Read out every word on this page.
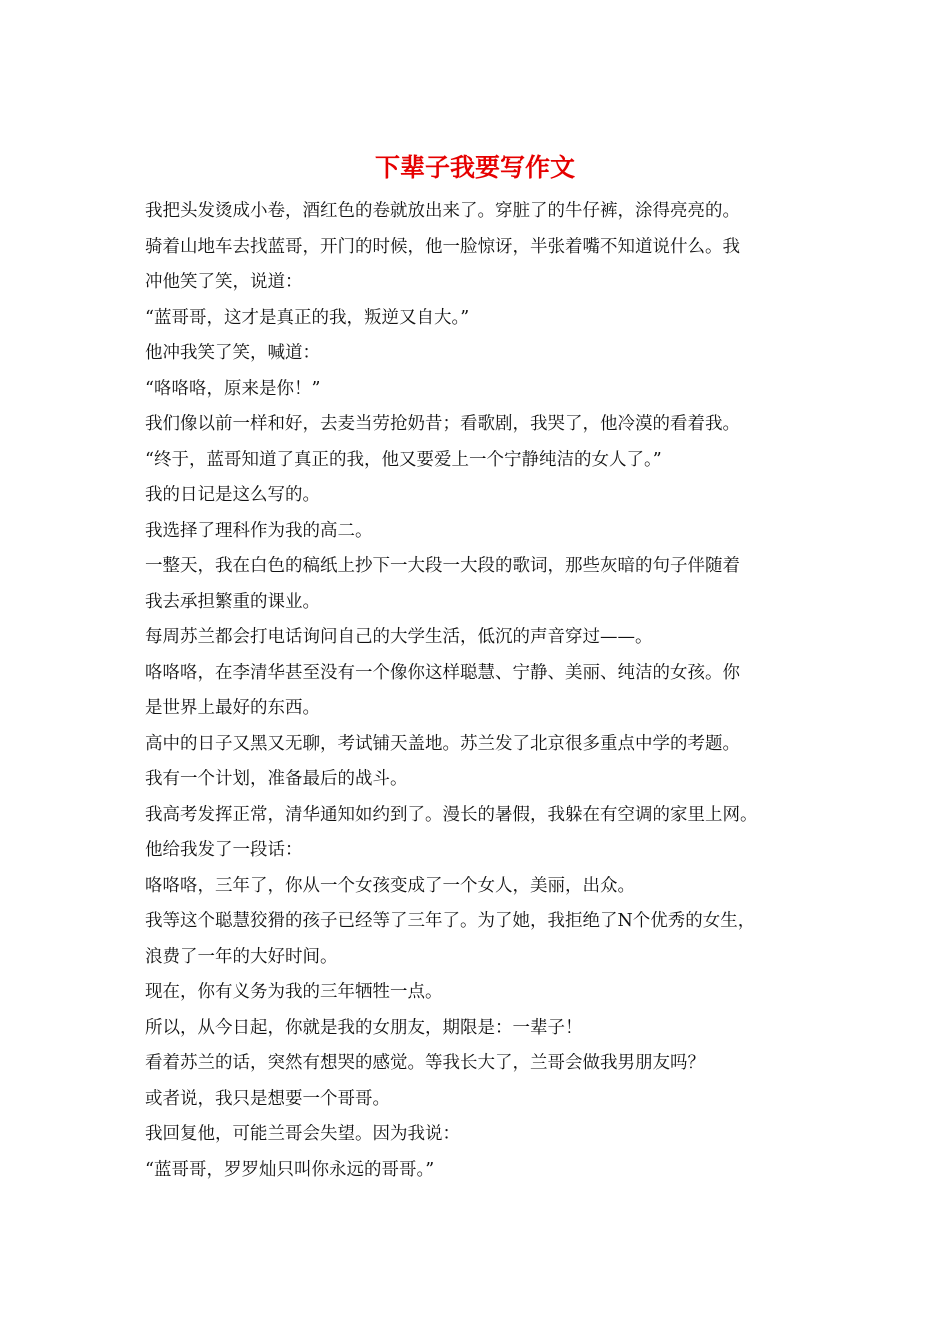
下辈子我要写作文

我把头发烫成小卷，酒红色的卷就放出来了。穿脏了的牛仔裤，涂得亮亮的。

骑着山地车去找蓝哥，开门的时候，他一脸惊讶，半张着嘴不知道说什么。我

冲他笑了笑，说道：

“蓝哥哥，这才是真正的我，叛逆又自大。”

他冲我笑了笑，喊道：

“咯咯咯，原来是你！”

我们像以前一样和好，去麦当劳抢奶昔；看歌剧，我哭了，他冷漠的看着我。

“终于，蓝哥知道了真正的我，他又要爱上一个宁静纯洁的女人了。”

我的日记是这么写的。

我选择了理科作为我的高二。

一整天，我在白色的稿纸上抄下一大段一大段的歌词，那些灰暗的句子伴随着

我去承担繁重的课业。

每周苏兰都会打电话询问自己的大学生活，低沉的声音穿过——。

咯咯咯，在李清华甚至没有一个像你这样聪慧、宁静、美丽、纯洁的女孩。你

是世界上最好的东西。

高中的日子又黑又无聊，考试铺天盖地。苏兰发了北京很多重点中学的考题。

我有一个计划，准备最后的战斗。

我高考发挥正常，清华通知如约到了。漫长的暑假，我躲在有空调的家里上网。

他给我发了一段话：

咯咯咯，三年了，你从一个女孩变成了一个女人，美丽，出众。

我等这个聪慧狡猾的孩子已经等了三年了。为了她，我拒绝了N个优秀的女生，

浪费了一年的大好时间。

现在，你有义务为我的三年牺牲一点。

所以，从今日起，你就是我的女朋友，期限是：一辈子！

看着苏兰的话，突然有想哭的感觉。等我长大了，兰哥会做我男朋友吗？

或者说，我只是想要一个哥哥。

我回复他，可能兰哥会失望。因为我说：

“蓝哥哥，罗罗灿只叫你永远的哥哥。”
